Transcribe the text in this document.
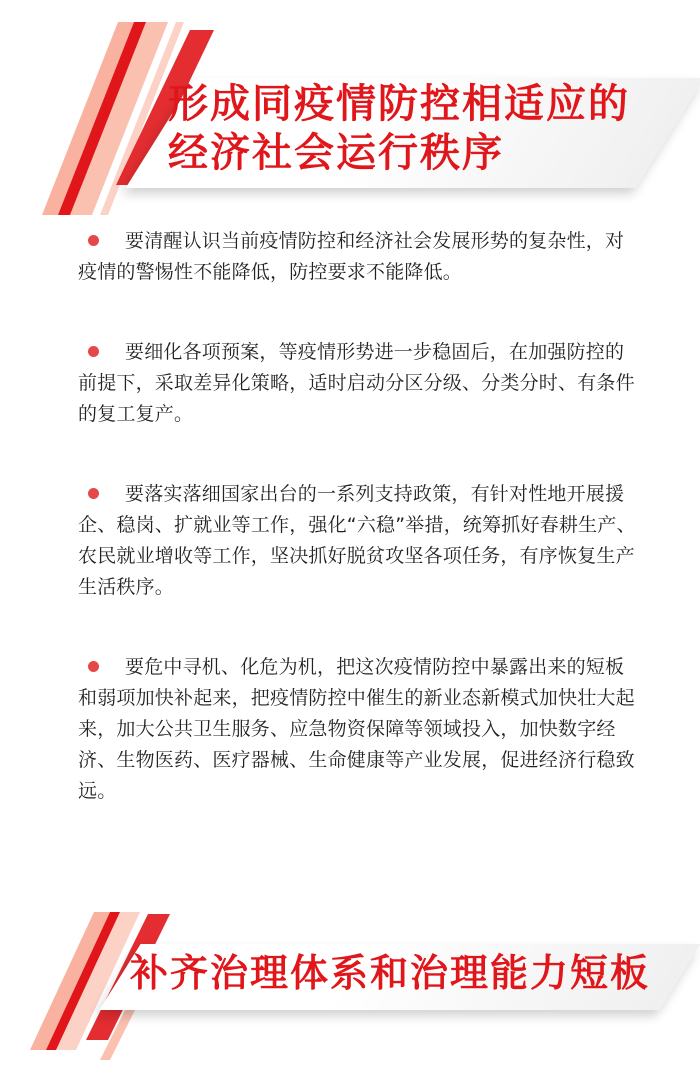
形成同疫情防控相适应的
经济社会运行秩序

要清醒认识当前疫情防控和经济社会发展形势的复杂性，对疫情的警惕性不能降低，防控要求不能降低。

要细化各项预案，等疫情形势进一步稳固后，在加强防控的前提下，采取差异化策略，适时启动分区分级、分类分时、有条件的复工复产。

要落实落细国家出台的一系列支持政策，有针对性地开展援企、稳岗、扩就业等工作，强化“六稳”举措，统筹抓好春耕生产、农民就业增收等工作，坚决抓好脱贫攻坚各项任务，有序恢复生产生活秩序。

要危中寻机、化危为机，把这次疫情防控中暴露出来的短板和弱项加快补起来，把疫情防控中催生的新业态新模式加快壮大起来，加大公共卫生服务、应急物资保障等领域投入，加快数字经济、生物医药、医疗器械、生命健康等产业发展，促进经济行稳致远。

补齐治理体系和治理能力短板
